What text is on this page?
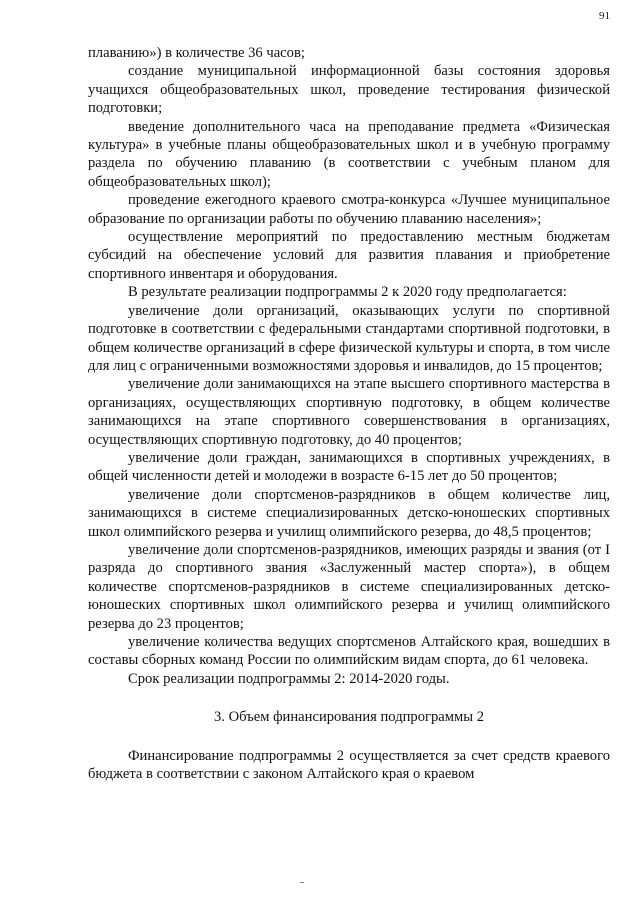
91

плаванию») в количестве 36 часов;

создание муниципальной информационной базы состояния здоровья учащихся общеобразовательных школ, проведение тестирования физической подготовки;

введение дополнительного часа на преподавание предмета «Физическая культура» в учебные планы общеобразовательных школ и в учебную программу раздела по обучению плаванию (в соответствии с учебным планом для общеобразовательных школ);

проведение ежегодного краевого смотра-конкурса «Лучшее муниципальное образование по организации работы по обучению плаванию населения»;

осуществление мероприятий по предоставлению местным бюджетам субсидий на обеспечение условий для развития плавания и приобретение спортивного инвентаря и оборудования.

В результате реализации подпрограммы 2 к 2020 году предполагается:

увеличение доли организаций, оказывающих услуги по спортивной подготовке в соответствии с федеральными стандартами спортивной подготовки, в общем количестве организаций в сфере физической культуры и спорта, в том числе для лиц с ограниченными возможностями здоровья и инвалидов, до 15 процентов;

увеличение доли занимающихся на этапе высшего спортивного мастерства в организациях, осуществляющих спортивную подготовку, в общем количестве занимающихся на этапе спортивного совершенствования в организациях, осуществляющих спортивную подготовку, до 40 процентов;

увеличение доли граждан, занимающихся в спортивных учреждениях, в общей численности детей и молодежи в возрасте 6-15 лет до 50 процентов;

увеличение доли спортсменов-разрядников в общем количестве лиц, занимающихся в системе специализированных детско-юношеских спортивных школ олимпийского резерва и училищ олимпийского резерва, до 48,5 процентов;

увеличение доли спортсменов-разрядников, имеющих разряды и звания (от I разряда до спортивного звания «Заслуженный мастер спорта»), в общем количестве спортсменов-разрядников в системе специализированных детско-юношеских спортивных школ олимпийского резерва и училищ олимпийского резерва до 23 процентов;

увеличение количества ведущих спортсменов Алтайского края, вошедших в составы сборных команд России по олимпийским видам спорта, до 61 человека.

Срок реализации подпрограммы 2: 2014-2020 годы.

3. Объем финансирования подпрограммы 2

Финансирование подпрограммы 2 осуществляется за счет средств краевого бюджета в соответствии с законом Алтайского края о краевом
